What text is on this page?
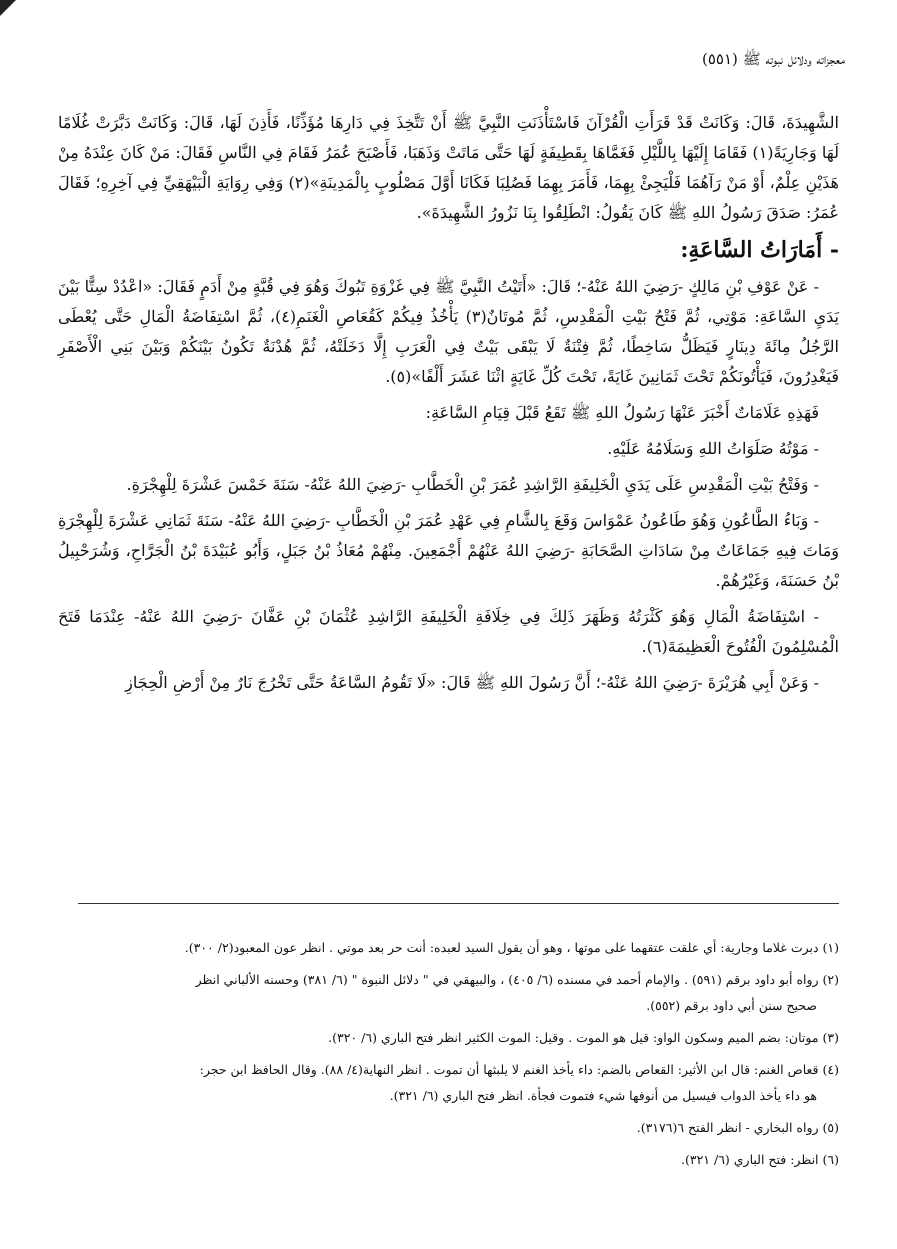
معجزاته ودلائل نبوته ﷺ (٥٥١)

الشَّهِيدَةَ، قَالَ: وَكَانَتْ قَدْ قَرَأَتِ الْقُرْآنَ فَاسْتَأْذَنَتِ النَّبِيَّ ﷺ أَنْ تَتَّخِذَ فِي دَارِهَا مُؤَذِّنًا، فَأَذِنَ لَهَا، قَالَ: وَكَانَتْ دَبَّرَتْ غُلَامًا لَهَا وَجَارِيَةً(١) فَقَامَا إِلَيْهَا بِاللَّيْلِ فَغَمَّاهَا بِقَطِيفَةٍ لَهَا حَتَّى مَاتَتْ وَذَهَبَا، فَأَصْبَحَ عُمَرُ فَقَامَ فِي النَّاسِ فَقَالَ: مَنْ كَانَ عِنْدَهُ مِنْ هَذَيْنِ عِلْمٌ، أَوْ مَنْ رَآهُمَا فَلْيَجِئْ بِهِمَا، فَأَمَرَ بِهِمَا فَصُلِبَا فَكَانَا أَوَّلَ مَصْلُوبٍ بِالْمَدِينَةِ»(٢) وَفِي رِوَايَةِ الْبَيْهَقِيِّ فِي آخِرِهِ؛ فَقَالَ عُمَرُ: صَدَقَ رَسُولُ اللهِ ﷺ كَانَ يَقُولُ: انْطَلِقُوا بِنَا نَزُورُ الشَّهِيدَةَ».

- أَمَارَاتُ السَّاعَةِ:

- عَنْ عَوْفِ بْنِ مَالِكٍ -رَضِيَ اللهُ عَنْهُ-؛ قَالَ: «أَتَيْتُ النَّبِيَّ ﷺ فِي غَزْوَةِ تَبُوكَ وَهُوَ فِي قُبَّةٍ مِنْ أَدَمٍ فَقَالَ: «اعْدُدْ سِتًّا بَيْنَ يَدَيِ السَّاعَةِ: مَوْتِي، ثُمَّ فَتْحُ بَيْتِ الْمَقْدِسِ، ثُمَّ مُوتَانٌ(٣) يَأْخُذُ فِيكُمْ كَقُعَاصِ الْغَنَمِ(٤)، ثُمَّ اسْتِفَاضَةُ الْمَالِ حَتَّى يُعْطَى الرَّجُلُ مِائَةَ دِينَارٍ فَيَظَلُّ سَاخِطًا، ثُمَّ فِتْنَةٌ لَا يَبْقَى بَيْتٌ فِي الْعَرَبِ إِلَّا دَخَلَتْهُ، ثُمَّ هُدْنَةٌ تَكُونُ بَيْنَكُمْ وَبَيْنَ بَنِي الْأَصْفَرِ فَيَغْدِرُونَ، فَيَأْتُونَكُمْ تَحْتَ ثَمَانِينَ غَايَةً، تَحْتَ كُلِّ غَايَةٍ اثْنَا عَشَرَ أَلْفًا»(٥).

فَهَذِهِ عَلَامَاتٌ أَخْبَرَ عَنْهَا رَسُولُ اللهِ ﷺ تَقَعُ قَبْلَ قِيَامِ السَّاعَةِ:

- مَوْتُهُ صَلَوَاتُ اللهِ وَسَلَامُهُ عَلَيْهِ.

- وَفَتْحُ بَيْتِ الْمَقْدِسِ عَلَى يَدَيِ الْخَلِيفَةِ الرَّاشِدِ عُمَرَ بْنِ الْخَطَّابِ -رَضِيَ اللهُ عَنْهُ- سَنَةَ خَمْسَ عَشْرَةَ لِلْهِجْرَةِ.

- وَبَاءُ الطَّاعُونِ وَهُوَ طَاعُونُ عَمْوَاسَ وَقَعَ بِالشَّامِ فِي عَهْدِ عُمَرَ بْنِ الْخَطَّابِ -رَضِيَ اللهُ عَنْهُ- سَنَةَ ثَمَانِي عَشْرَةَ لِلْهِجْرَةِ وَمَاتَ فِيهِ جَمَاعَاتٌ مِنْ سَادَاتِ الصَّحَابَةِ -رَضِيَ اللهُ عَنْهُمْ أَجْمَعِينَ. مِنْهُمْ مُعَاذُ بْنُ جَبَلٍ، وَأَبُو عُبَيْدَةَ بْنُ الْجَرَّاحِ، وَشُرَحْبِيلُ بْنُ حَسَنَةَ، وَغَيْرُهُمْ.

- اسْتِفَاضَةُ الْمَالِ وَهُوَ كَثْرَتُهُ وَظَهَرَ ذَلِكَ فِي خِلَافَةِ الْخَلِيفَةِ الرَّاشِدِ عُثْمَانَ بْنِ عَفَّانَ -رَضِيَ اللهُ عَنْهُ- عِنْدَمَا فَتَحَ الْمُسْلِمُونَ الْفُتُوحَ الْعَظِيمَةَ(٦).

- وَعَنْ أَبِي هُرَيْرَةَ -رَضِيَ اللهُ عَنْهُ-؛ أَنَّ رَسُولَ اللهِ ﷺ قَالَ: «لَا تَقُومُ السَّاعَةُ حَتَّى تَخْرُجَ نَارٌ مِنْ أَرْضِ الْحِجَازِ

(١) دبرت غلاما وجارية: أي علقت عتقهما على موتها ، وهو أن يقول السيد لعبده: أنت حر بعد موتي . انظر عون المعبود(٢/ ٣٠٠).
(٢) رواه أبو داود برقم (٥٩١) . والإمام أحمد في مسنده (٦/ ٤٠٥) ، والبيهقي في " دلائل النبوة " (٦/ ٣٨١) وحسنه الألباني انظر
صحيح سنن أبي داود برقم (٥٥٢).
(٣) موتان: بضم الميم وسكون الواو: قيل هو الموت . وقيل: الموت الكثير انظر فتح الباري (٦/ ٣٢٠).
(٤) قعاص الغنم: قال ابن الأثير: القعاص بالضم: داء يأخذ الغنم لا يلبثها أن تموت . انظر النهاية(٤/ ٨٨). وقال الحافظ ابن حجر:
هو داء يأخذ الدواب فيسيل من أنوفها شيء فتموت فجأة. انظر فتح الباري (٦/ ٣٢١).
(٥) رواه البخاري - انظر الفتح ٦(٣١٧٦).
(٦) انظر: فتح الباري (٦/ ٣٢١).
